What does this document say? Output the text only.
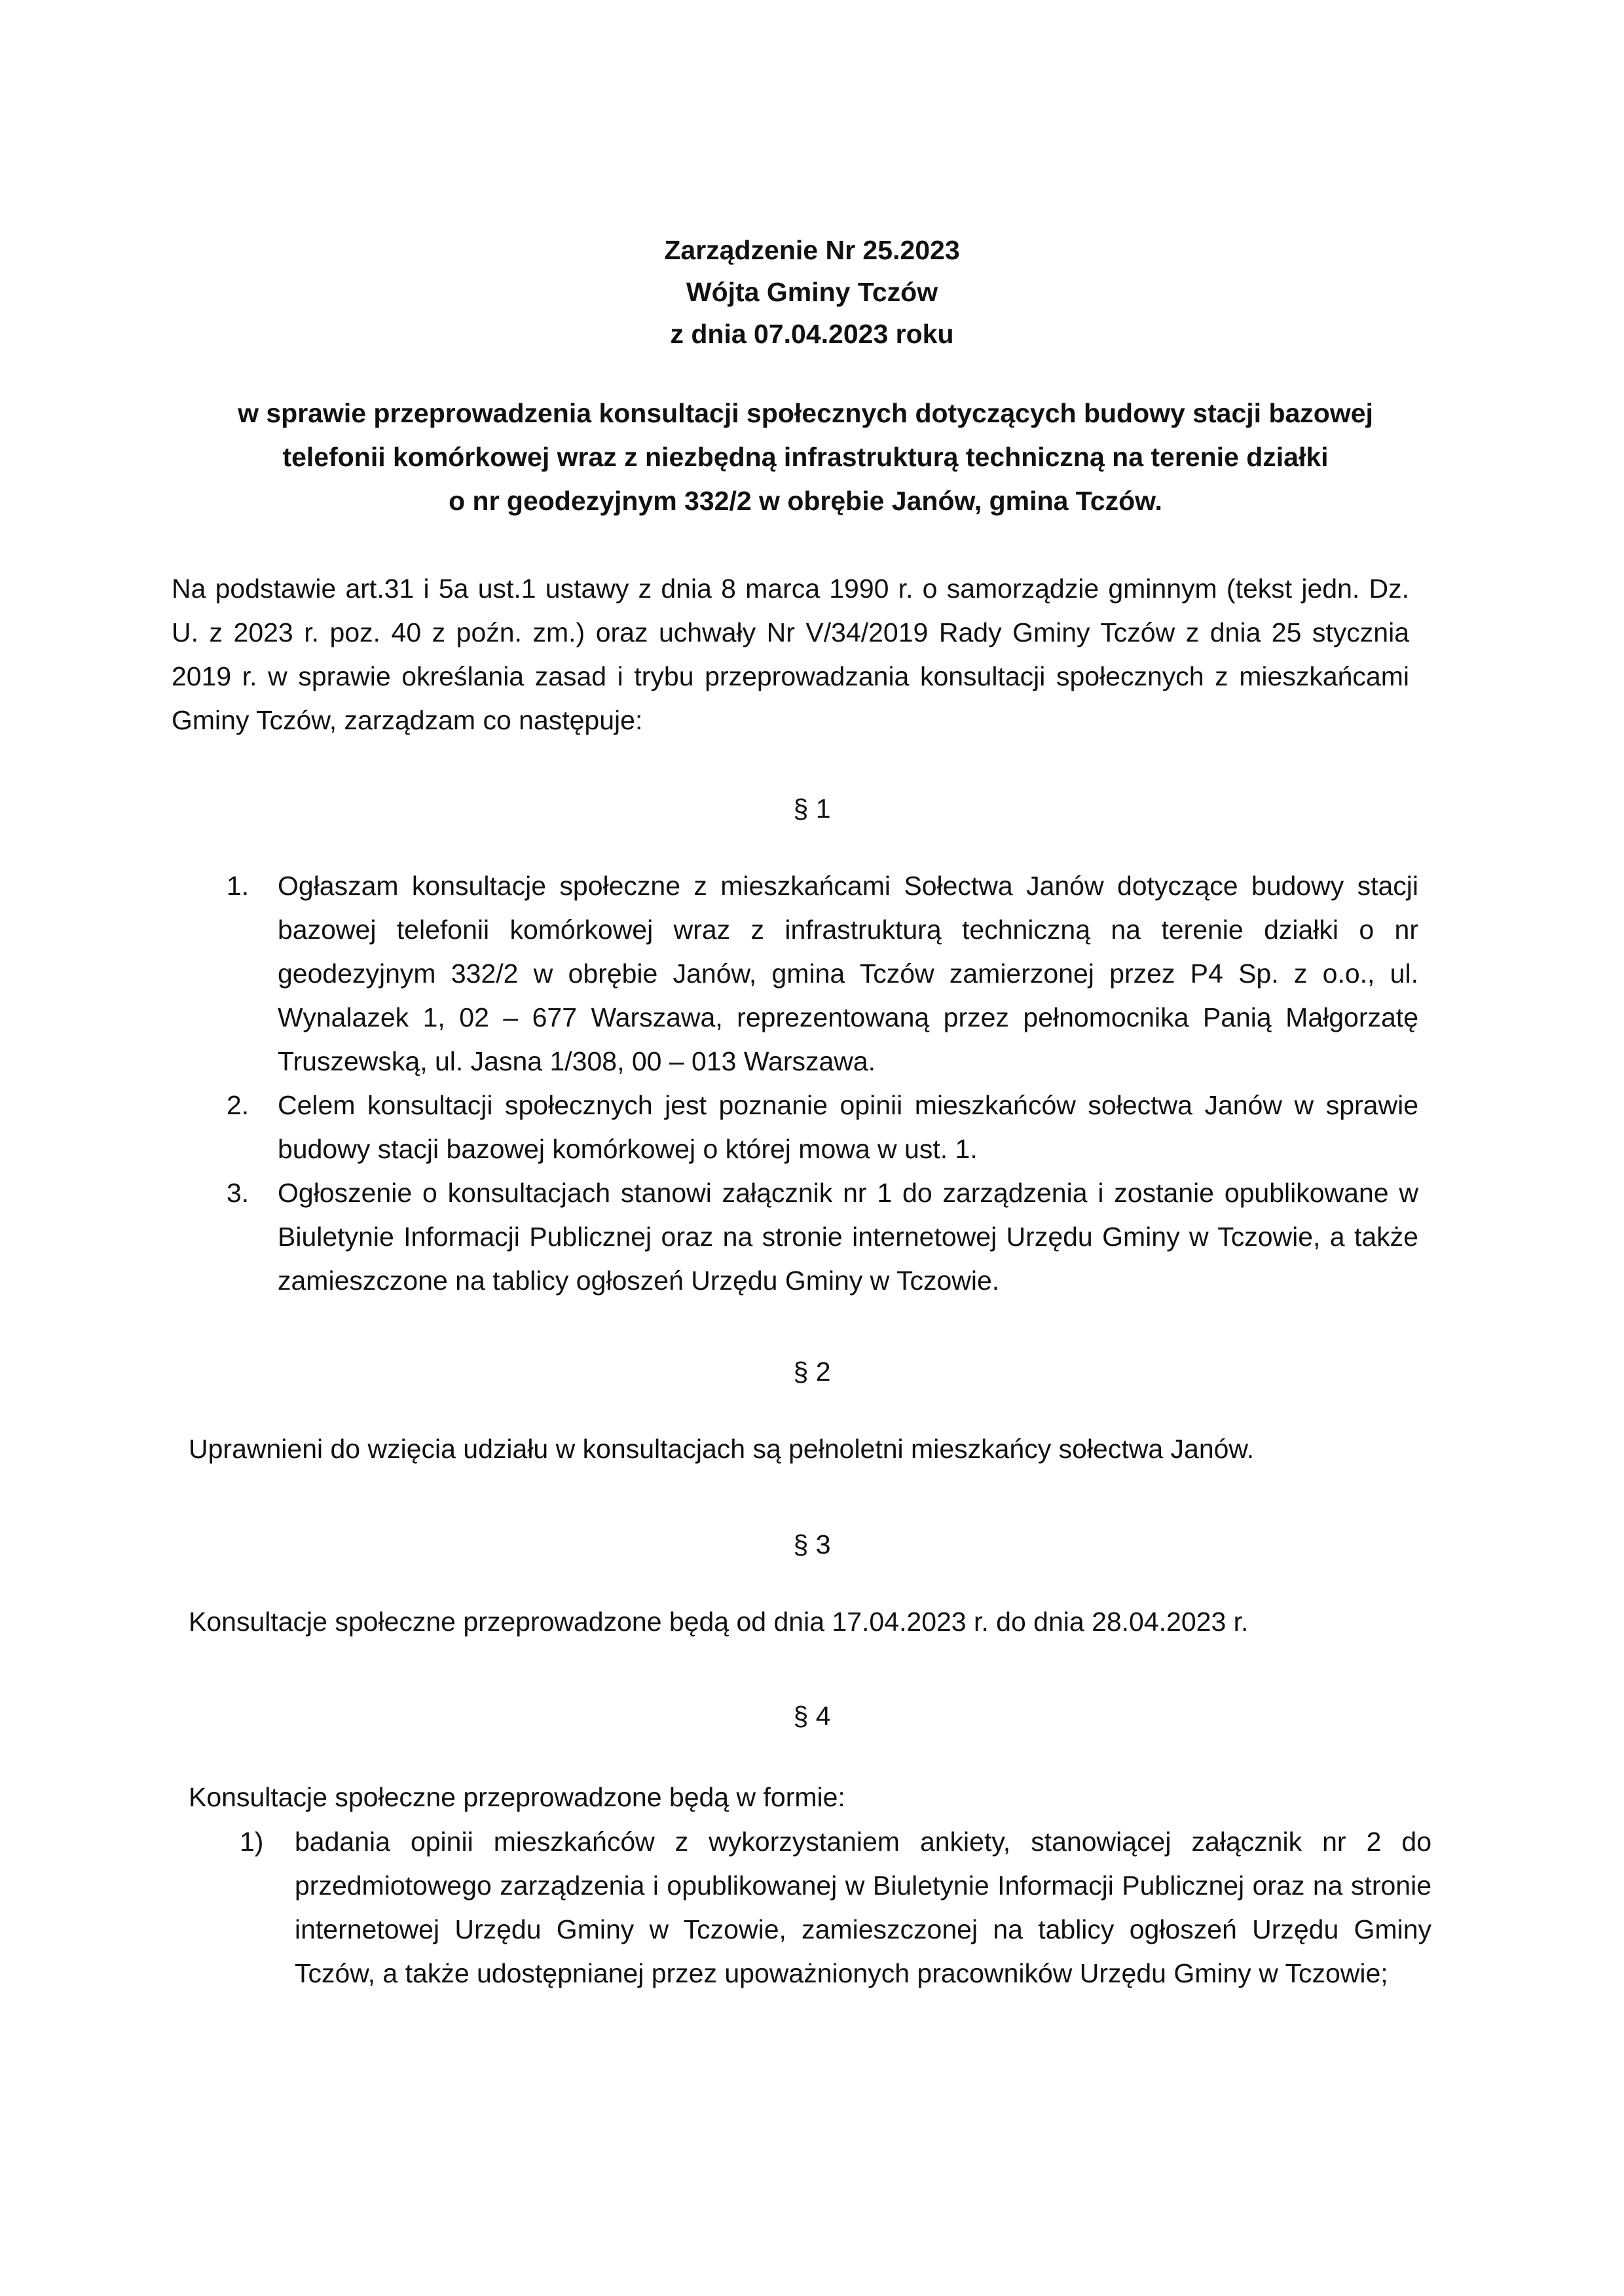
Zarządzenie Nr 25.2023
Wójta Gminy Tczów
z dnia 07.04.2023 roku
w sprawie przeprowadzenia konsultacji społecznych dotyczących budowy stacji bazowej
telefonii komórkowej wraz z niezbędną infrastrukturą techniczną na terenie działki
o nr geodezyjnym 332/2 w obrębie Janów, gmina Tczów.
Na podstawie art.31 i 5a ust.1 ustawy z dnia 8 marca 1990 r. o samorządzie gminnym (tekst jedn. Dz. U. z 2023 r. poz. 40 z poźn. zm.) oraz uchwały Nr V/34/2019 Rady Gminy Tczów z dnia 25 stycznia 2019 r. w sprawie określania zasad i trybu przeprowadzania konsultacji społecznych z mieszkańcami Gminy Tczów, zarządzam co następuje:
§ 1
1. Ogłaszam konsultacje społeczne z mieszkańcami Sołectwa Janów dotyczące budowy stacji bazowej telefonii komórkowej wraz z infrastrukturą techniczną na terenie działki o nr geodezyjnym 332/2 w obrębie Janów, gmina Tczów zamierzonej przez P4 Sp. z o.o., ul. Wynalazek 1, 02 – 677 Warszawa, reprezentowaną przez pełnomocnika Panią Małgorzatę Truszewską, ul. Jasna 1/308, 00 – 013 Warszawa.
2. Celem konsultacji społecznych jest poznanie opinii mieszkańców sołectwa Janów w sprawie budowy stacji bazowej komórkowej o której mowa w ust. 1.
3. Ogłoszenie o konsultacjach stanowi załącznik nr 1 do zarządzenia i zostanie opublikowane w Biuletynie Informacji Publicznej oraz na stronie internetowej Urzędu Gminy w Tczowie, a także zamieszczone na tablicy ogłoszeń Urzędu Gminy w Tczowie.
§ 2
Uprawnieni do wzięcia udziału w konsultacjach są pełnoletni mieszkańcy sołectwa Janów.
§ 3
Konsultacje społeczne przeprowadzone będą od dnia 17.04.2023 r. do dnia 28.04.2023 r.
§ 4
Konsultacje społeczne przeprowadzone będą w formie:
1) badania opinii mieszkańców z wykorzystaniem ankiety, stanowiącej załącznik nr 2 do przedmiotowego zarządzenia i opublikowanej w Biuletynie Informacji Publicznej oraz na stronie internetowej Urzędu Gminy w Tczowie, zamieszczonej na tablicy ogłoszeń Urzędu Gminy Tczów, a także udostępnianej przez upoważnionych pracowników Urzędu Gminy w Tczowie;
